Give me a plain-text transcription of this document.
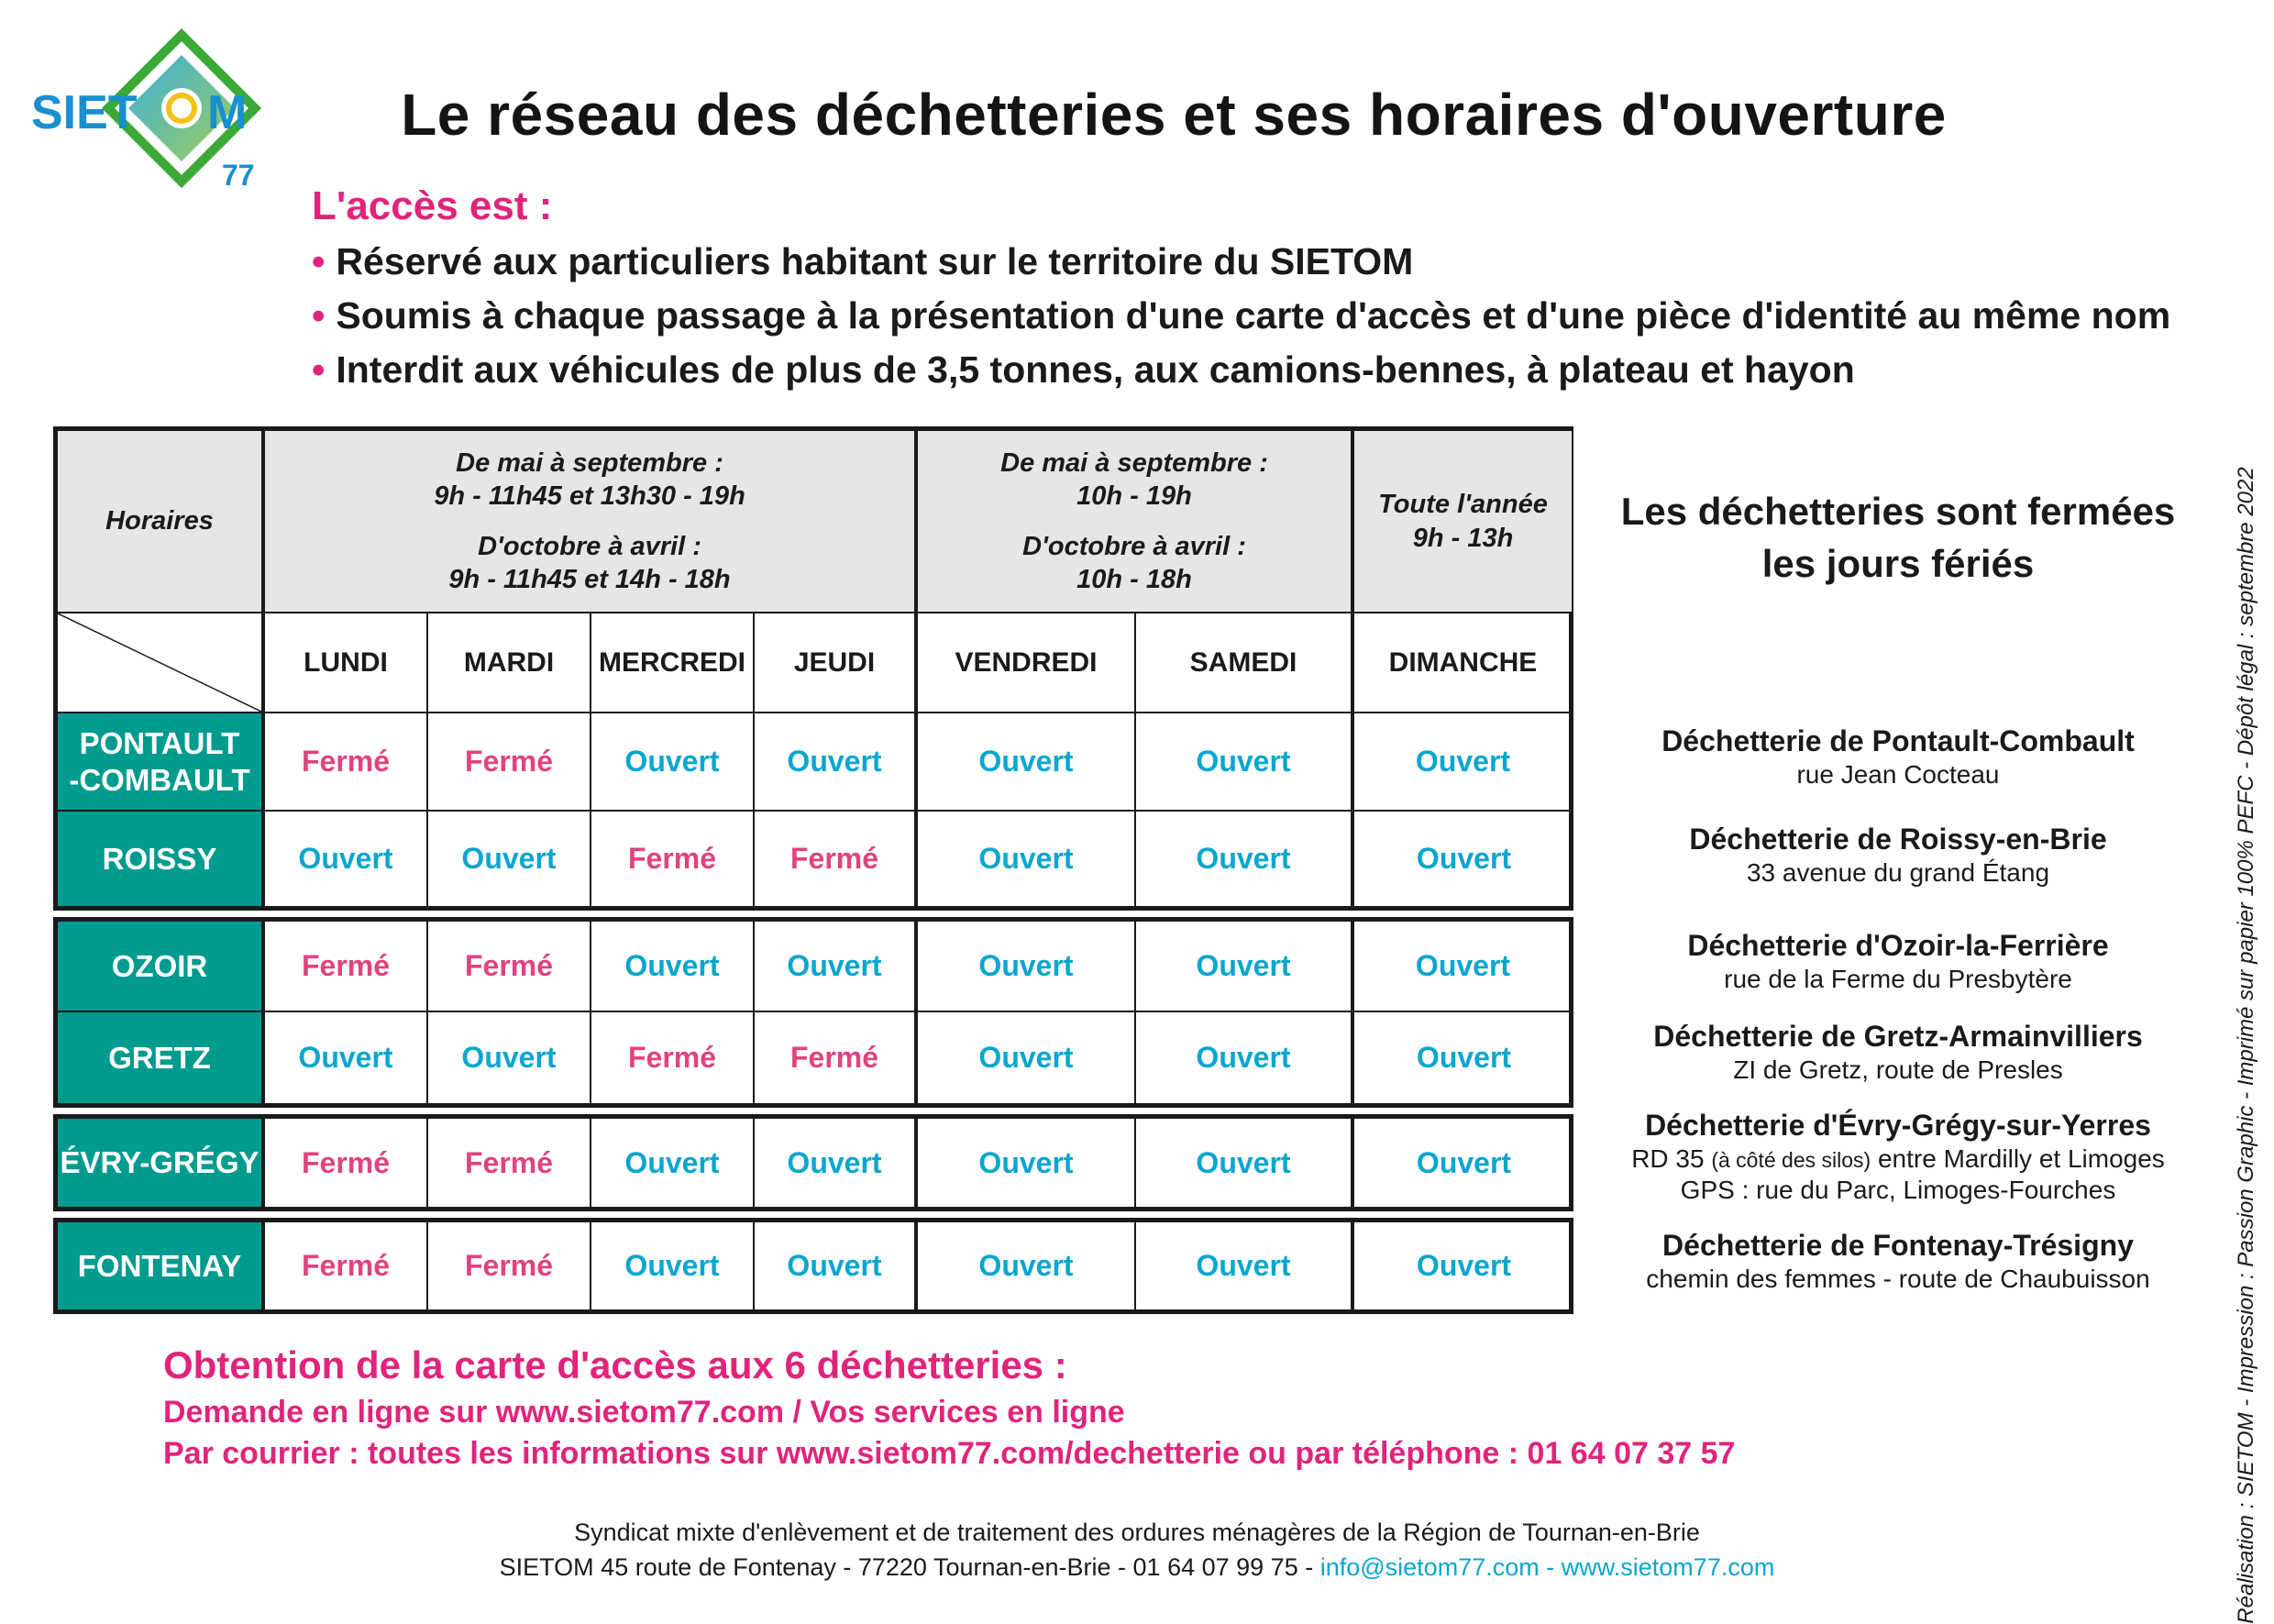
SIET M
77
Le réseau des déchetteries et ses horaires d'ouverture
L'accès est :
• Réservé aux particuliers habitant sur le territoire du SIETOM
• Soumis à chaque passage à la présentation d'une carte d'accès et d'une pièce d'identité au même nom
• Interdit aux véhicules de plus de 3,5 tonnes, aux camions-bennes, à plateau et hayon
Horaires
De mai à septembre :
9h - 11h45 et 13h30 - 19h
D'octobre à avril :
9h - 11h45 et 14h - 18h
De mai à septembre :
10h - 19h
D'octobre à avril :
10h - 18h
Toute l'année
9h - 13h
LUNDI	MARDI	MERCREDI	JEUDI	VENDREDI	SAMEDI	DIMANCHE
PONTAULT
-COMBAULT
Fermé	Fermé	Ouvert	Ouvert	Ouvert	Ouvert	Ouvert
ROISSY	Ouvert	Ouvert	Fermé	Fermé	Ouvert	Ouvert	Ouvert
OZOIR	Fermé	Fermé	Ouvert	Ouvert	Ouvert	Ouvert	Ouvert
GRETZ	Ouvert	Ouvert	Fermé	Fermé	Ouvert	Ouvert	Ouvert
ÉVRY-GRÉGY	Fermé	Fermé	Ouvert	Ouvert	Ouvert	Ouvert	Ouvert
FONTENAY	Fermé	Fermé	Ouvert	Ouvert	Ouvert	Ouvert	Ouvert
Les déchetteries sont fermées
les jours fériés
Déchetterie de Pontault-Combault
rue Jean Cocteau
Déchetterie de Roissy-en-Brie
33 avenue du grand Étang
Déchetterie d'Ozoir-la-Ferrière
rue de la Ferme du Presbytère
Déchetterie de Gretz-Armainvilliers
ZI de Gretz, route de Presles
Déchetterie d'Évry-Grégy-sur-Yerres
RD 35 (à côté des silos) entre Mardilly et Limoges
GPS : rue du Parc, Limoges-Fourches
Déchetterie de Fontenay-Trésigny
chemin des femmes - route de Chaubuisson	Réalisation : SIETOM - Impression : Passion Graphic - Imprimé sur papier 100% PEFC - Dépôt légal : septembre 2022
Obtention de la carte d'accès aux 6 déchetteries :
Demande en ligne sur www.sietom77.com / Vos services en ligne
Par courrier : toutes les informations sur www.sietom77.com/dechetterie ou par téléphone : 01 64 07 37 57
Syndicat mixte d'enlèvement et de traitement des ordures ménagères de la Région de Tournan-en-Brie
SIETOM 45 route de Fontenay - 77220 Tournan-en-Brie - 01 64 07 99 75 - info@sietom77.com - www.sietom77.com
